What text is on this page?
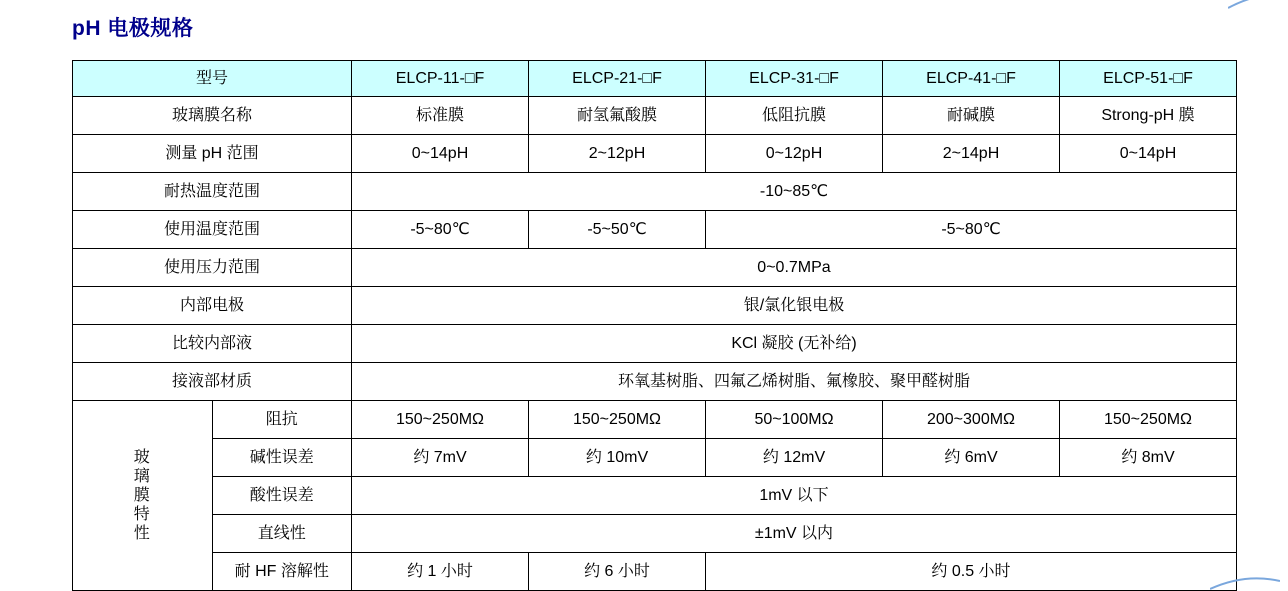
pH 电极规格
型号		ELCP-11-□F	ELCP-21-□F	ELCP-31-□F	ELCP-41-□F	ELCP-51-□F
玻璃膜名称		标准膜	耐氢氟酸膜	低阻抗膜	耐碱膜	Strong-pH 膜
测量 pH 范围		0~14pH	2~12pH	0~12pH	2~14pH	0~14pH
耐热温度范围		-10~85℃				
使用温度范围		-5~80℃	-5~50℃	-5~80℃		
使用压力范围		0~0.7MPa				
内部电极		银/氯化银电极				
比较内部液		KCl 凝胶 (无补给)				
接液部材质		环氧基树脂、四氟乙烯树脂、氟橡胶、聚甲醛树脂				

玻璃膜特性	阻抗	150~250MΩ	150~250MΩ	50~100MΩ	200~300MΩ	150~250MΩ
	碱性误差	约 7mV	约 10mV	约 12mV	约 6mV	约 8mV
	酸性误差	1mV 以下				
	直线性	±1mV 以内				
	耐 HF 溶解性	约 1 小时	约 6 小时	约 0.5 小时		
